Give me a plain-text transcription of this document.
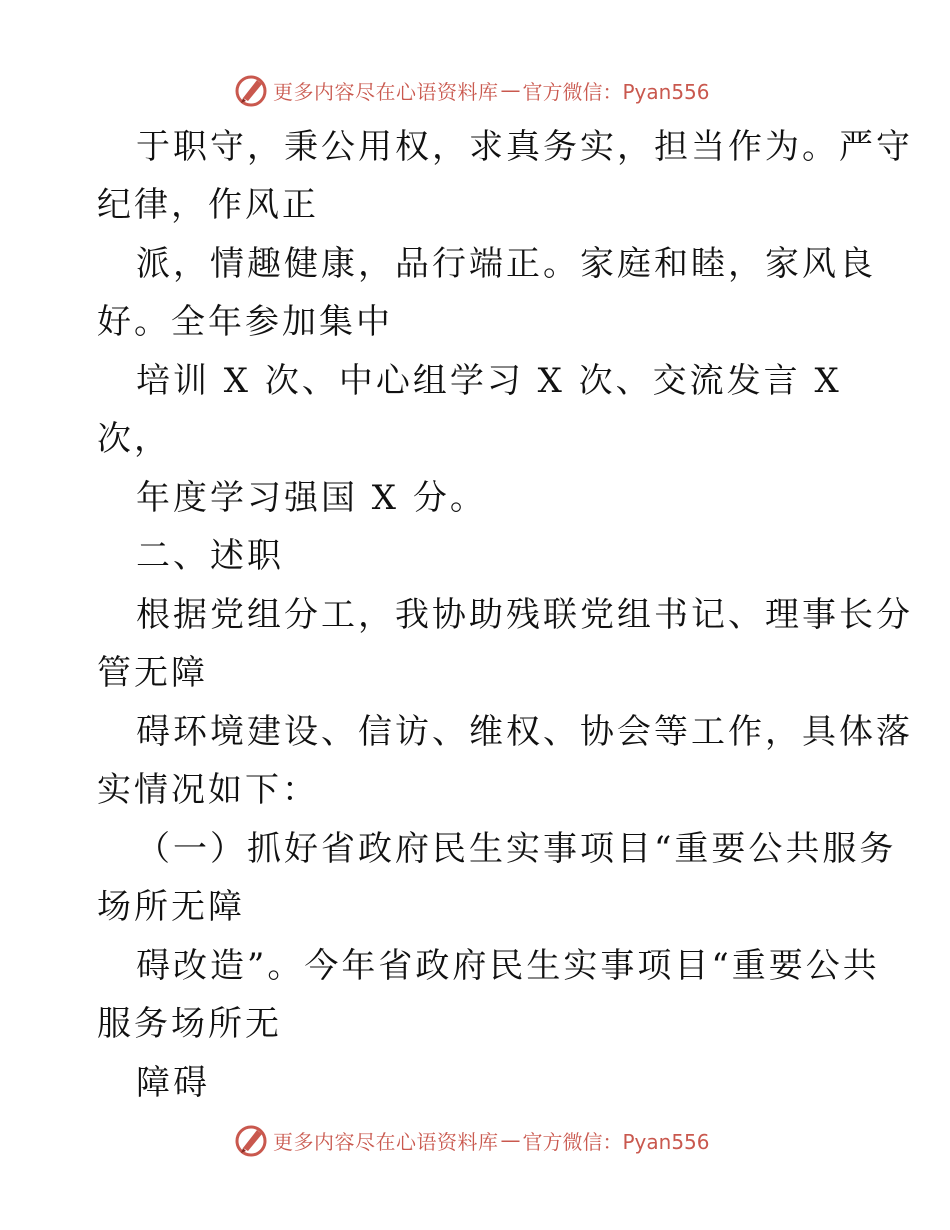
更多内容尽在心语资料库 — 官方微信：Pyan556
于职守，秉公用权，求真务实，担当作为。严守
纪律，作风正
派，情趣健康，品行端正。家庭和睦，家风良
好。全年参加集中
培训 X 次、中心组学习 X 次、交流发言 X
次，
年度学习强国 X 分。
二、述职
根据党组分工，我协助残联党组书记、理事长分
管无障
碍环境建设、信访、维权、协会等工作，具体落
实情况如下：
（一）抓好省政府民生实事项目“重要公共服务
场所无障
碍改造”。今年省政府民生实事项目“重要公共
服务场所无
障碍
更多内容尽在心语资料库 — 官方微信：Pyan556
